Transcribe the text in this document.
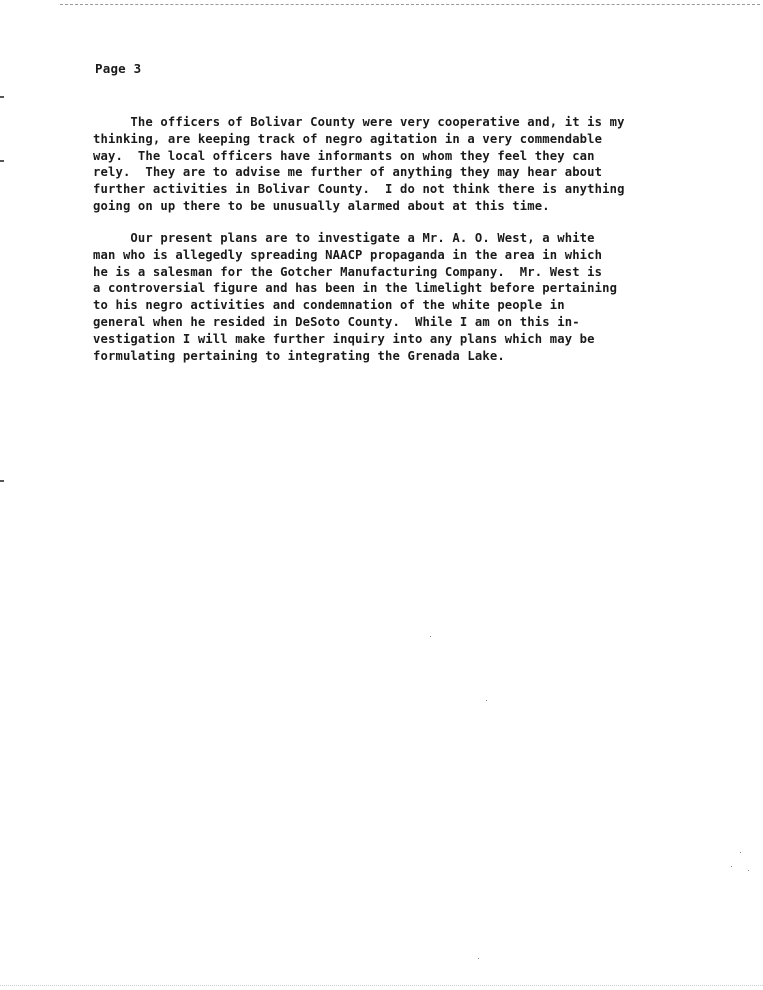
Page 3

The officers of Bolivar County were very cooperative and, it is my
thinking, are keeping track of negro agitation in a very commendable
way.  The local officers have informants on whom they feel they can
rely.  They are to advise me further of anything they may hear about
further activities in Bolivar County.  I do not think there is anything
going on up there to be unusually alarmed about at this time.

Our present plans are to investigate a Mr. A. O. West, a white
man who is allegedly spreading NAACP propaganda in the area in which
he is a salesman for the Gotcher Manufacturing Company.  Mr. West is
a controversial figure and has been in the limelight before pertaining
to his negro activities and condemnation of the white people in
general when he resided in DeSoto County.  While I am on this in-
vestigation I will make further inquiry into any plans which may be
formulating pertaining to integrating the Grenada Lake.
